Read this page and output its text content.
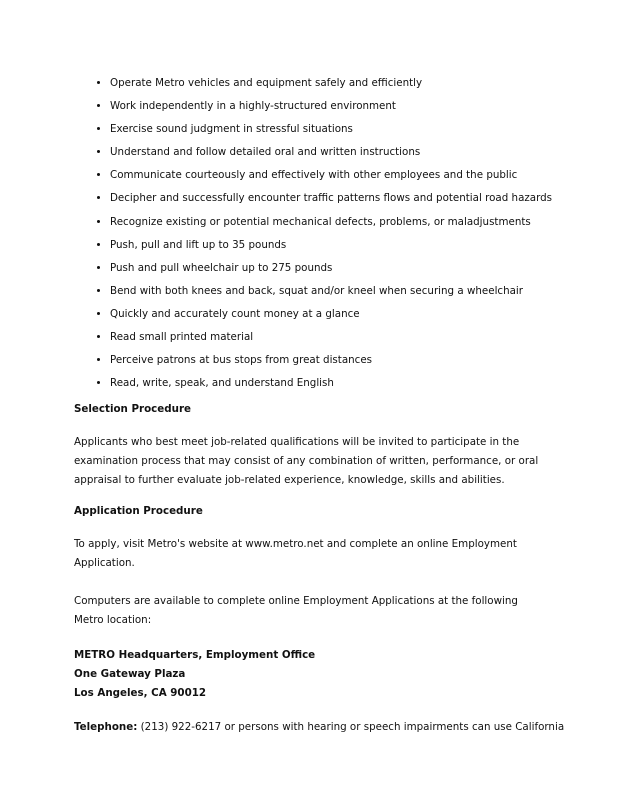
• Operate Metro vehicles and equipment safely and efficiently
• Work independently in a highly-structured environment
• Exercise sound judgment in stressful situations
• Understand and follow detailed oral and written instructions
• Communicate courteously and effectively with other employees and the public
• Decipher and successfully encounter traffic patterns flows and potential road hazards
• Recognize existing or potential mechanical defects, problems, or maladjustments
• Push, pull and lift up to 35 pounds
• Push and pull wheelchair up to 275 pounds
• Bend with both knees and back, squat and/or kneel when securing a wheelchair
• Quickly and accurately count money at a glance
• Read small printed material
• Perceive patrons at bus stops from great distances
• Read, write, speak, and understand English
Selection Procedure
Applicants who best meet job-related qualifications will be invited to participate in the examination process that may consist of any combination of written, performance, or oral appraisal to further evaluate job-related experience, knowledge, skills and abilities.
Application Procedure
To apply, visit Metro's website at www.metro.net and complete an online Employment Application.
Computers are available to complete online Employment Applications at the following Metro location:
METRO Headquarters, Employment Office
One Gateway Plaza
Los Angeles, CA 90012
Telephone: (213) 922-6217 or persons with hearing or speech impairments can use California
